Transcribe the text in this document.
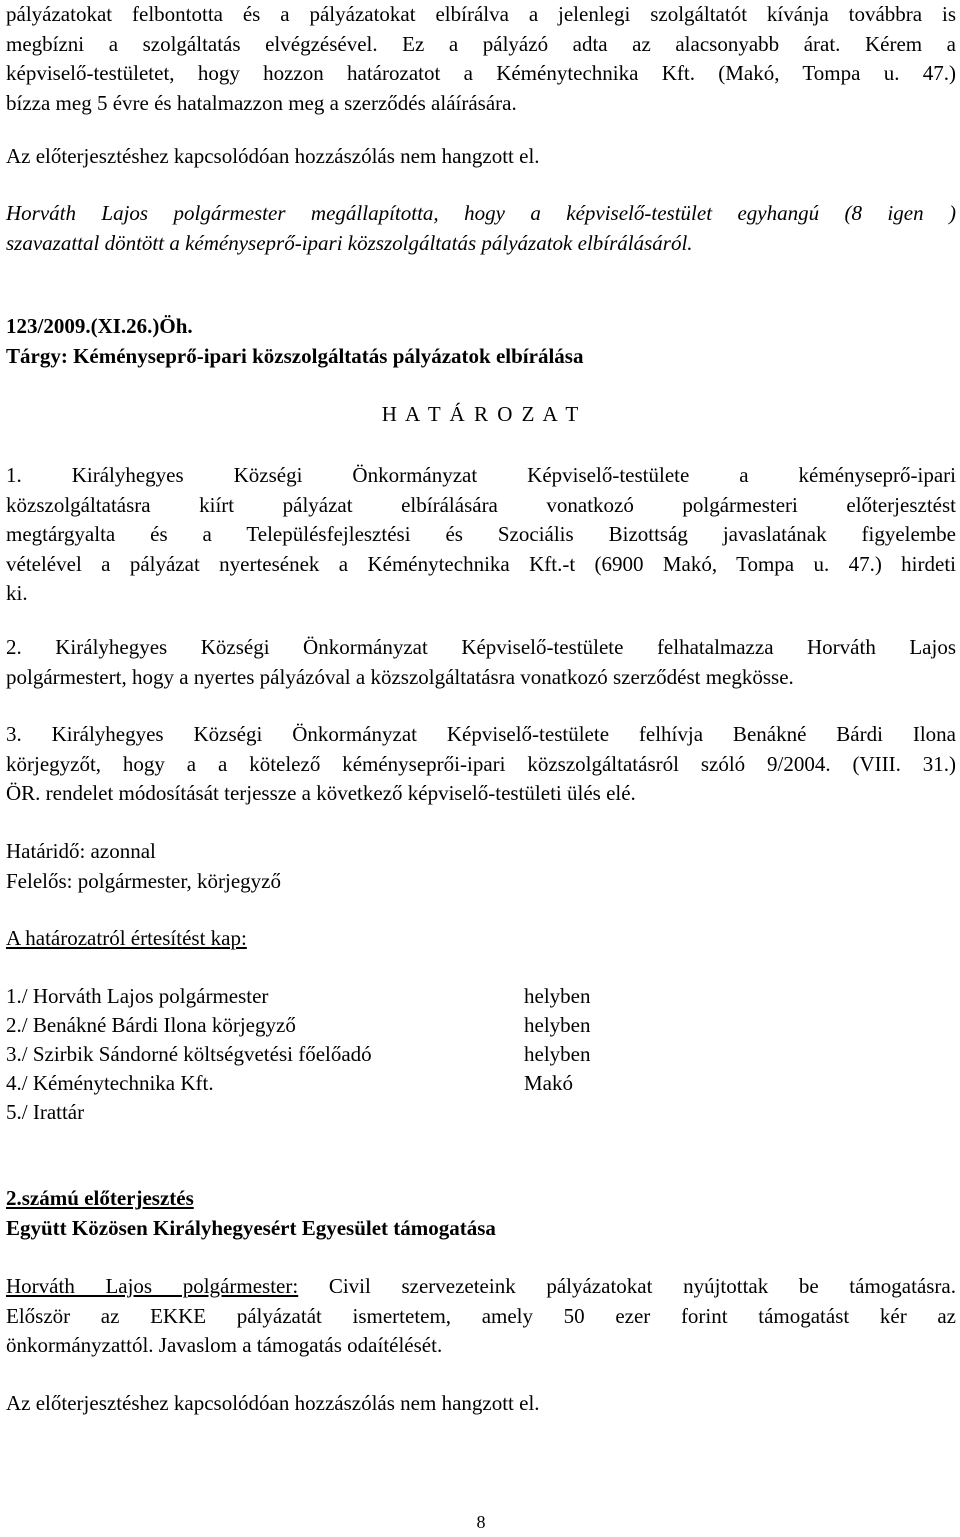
pályázatokat felbontotta és a pályázatokat elbírálva a jelenlegi szolgáltatót kívánja továbbra is
megbízni a szolgáltatás elvégzésével. Ez a pályázó adta az alacsonyabb árat. Kérem a
képviselő-testületet, hogy hozzon határozatot a Kéménytechnika Kft. (Makó, Tompa u. 47.)
bízza meg 5 évre és hatalmazzon meg a szerződés aláírására.
Az előterjesztéshez kapcsolódóan hozzászólás nem hangzott el.
Horváth Lajos polgármester megállapította, hogy a képviselő-testület egyhangú (8 igen )
szavazattal döntött a kéményseprő-ipari közszolgáltatás pályázatok elbírálásáról.
123/2009.(XI.26.)Öh.
Tárgy: Kéményseprő-ipari közszolgáltatás pályázatok elbírálása
H A T Á R O Z A T
1. Királyhegyes Községi Önkormányzat Képviselő-testülete a kéményseprő-ipari
közszolgáltatásra kiírt pályázat elbírálására vonatkozó polgármesteri előterjesztést
megtárgyalta és a Településfejlesztési és Szociális Bizottság javaslatának figyelembe
vételével a pályázat nyertesének a Kéménytechnika Kft.-t (6900 Makó, Tompa u. 47.) hirdeti
ki.
2. Királyhegyes Községi Önkormányzat Képviselő-testülete felhatalmazza Horváth Lajos
polgármestert, hogy a nyertes pályázóval a közszolgáltatásra vonatkozó szerződést megkösse.
3. Királyhegyes Községi Önkormányzat Képviselő-testülete felhívja Benákné Bárdi Ilona
körjegyzőt, hogy a a kötelező kéményseprői-ipari közszolgáltatásról szóló 9/2004. (VIII. 31.)
ÖR. rendelet módosítását terjessze a következő képviselő-testületi ülés elé.
Határidő: azonnal
Felelős: polgármester, körjegyző
A határozatról értesítést kap:
1./ Horváth Lajos polgármester	helyben
2./ Benákné Bárdi Ilona körjegyző	helyben
3./ Szirbik Sándorné költségvetési főelőadó	helyben
4./ Kéménytechnika Kft.	Makó
5./ Irattár
2.számú előterjesztés
Együtt Közösen Királyhegyesért Egyesület támogatása
Horváth Lajos polgármester: Civil szervezeteink pályázatokat nyújtottak be támogatásra.
Először az EKKE pályázatát ismertetem, amely 50 ezer forint támogatást kér az
önkormányzattól. Javaslom a támogatás odaítélését.
Az előterjesztéshez kapcsolódóan hozzászólás nem hangzott el.
8
